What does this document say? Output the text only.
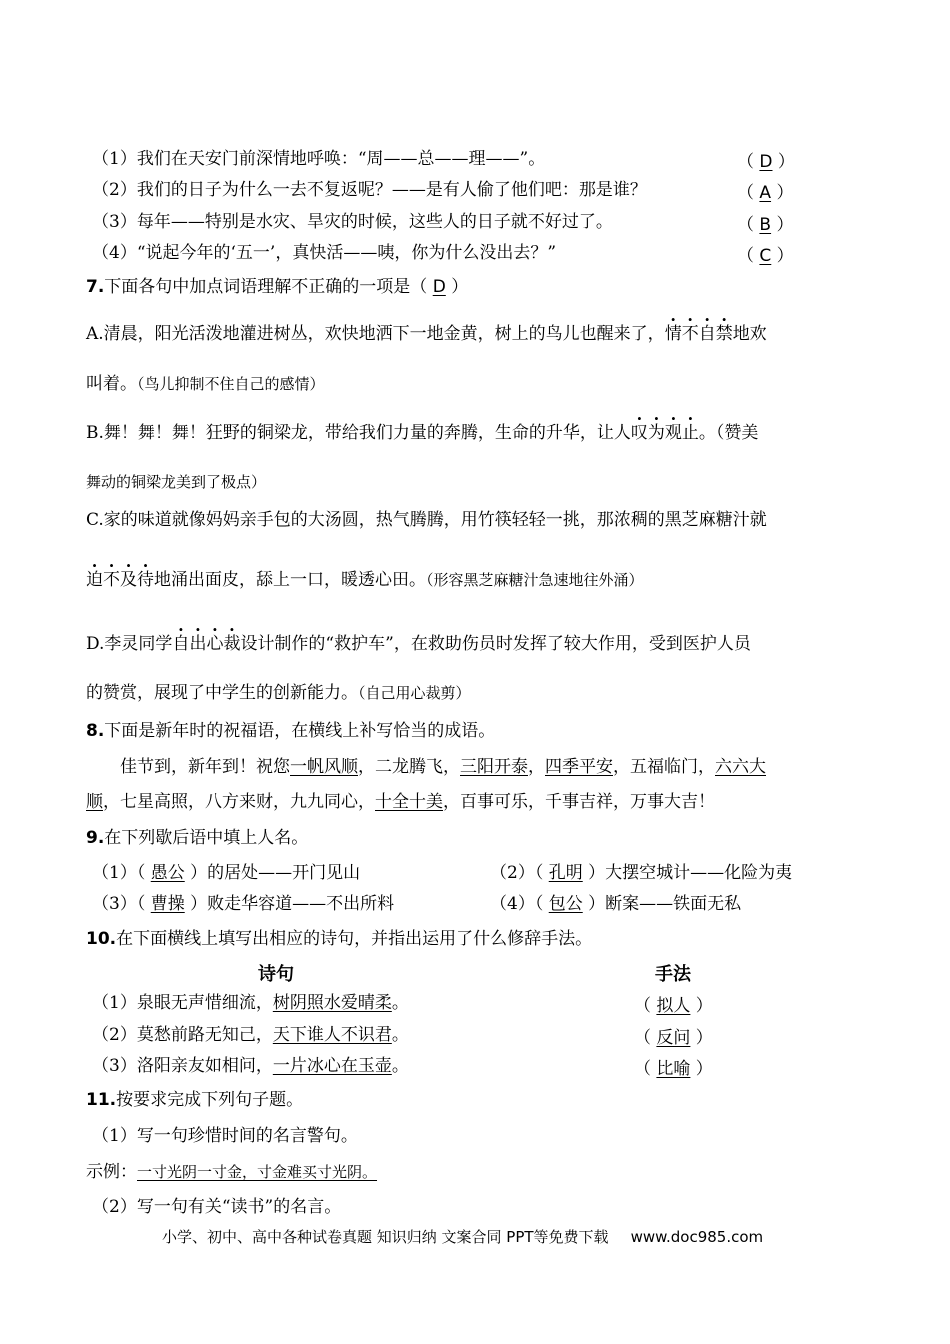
（1）我们在天安门前深情地呼唤：“周——总——理——”。	（ D ）
（2）我们的日子为什么一去不复返呢？——是有人偷了他们吧：那是谁？	（ A ）
（3）每年——特别是水灾、旱灾的时候，这些人的日子就不好过了。	（ B ）
（4）“说起今年的‘五一’，真快活——咦，你为什么没出去？”	（ C ）
7.下面各句中加点词语理解不正确的一项是（ D ）
A.清晨，阳光活泼地灌进树丛，欢快地洒下一地金黄，树上的鸟儿也醒来了，情不自禁地欢
叫着。（鸟儿抑制不住自己的感情）
B.舞！舞！舞！狂野的铜梁龙，带给我们力量的奔腾，生命的升华，让人叹为观止。（赞美
舞动的铜梁龙美到了极点）
C.家的味道就像妈妈亲手包的大汤圆，热气腾腾，用竹筷轻轻一挑，那浓稠的黑芝麻糖汁就
迫不及待地涌出面皮，舔上一口，暖透心田。（形容黑芝麻糖汁急速地往外涌）
D.李灵同学自出心裁设计制作的“救护车”，在救助伤员时发挥了较大作用，受到医护人员
的赞赏，展现了中学生的创新能力。（自己用心裁剪）
8.下面是新年时的祝福语，在横线上补写恰当的成语。
佳节到，新年到！祝您一帆风顺，二龙腾飞，三阳开泰，四季平安，五福临门，六六大
顺，七星高照，八方来财，九九同心，十全十美，百事可乐，千事吉祥，万事大吉！
9.在下列歇后语中填上人名。
（1）（ 愚公 ）的居处——开门见山	（2）（ 孔明 ）大摆空城计——化险为夷
（3）（ 曹操 ）败走华容道——不出所料	（4）（ 包公 ）断案——铁面无私
10.在下面横线上填写出相应的诗句，并指出运用了什么修辞手法。
诗句	手法
（1）泉眼无声惜细流，树阴照水爱晴柔。	（ 拟人 ）
（2）莫愁前路无知己，天下谁人不识君。	（ 反问 ）
（3）洛阳亲友如相问，一片冰心在玉壶。	（ 比喻 ）
11.按要求完成下列句子题。
（1）写一句珍惜时间的名言警句。
示例：一寸光阴一寸金，寸金难买寸光阴。
（2）写一句有关“读书”的名言。
小学、初中、高中各种试卷真题 知识归纳 文案合同 PPT等免费下载 www.doc985.com
